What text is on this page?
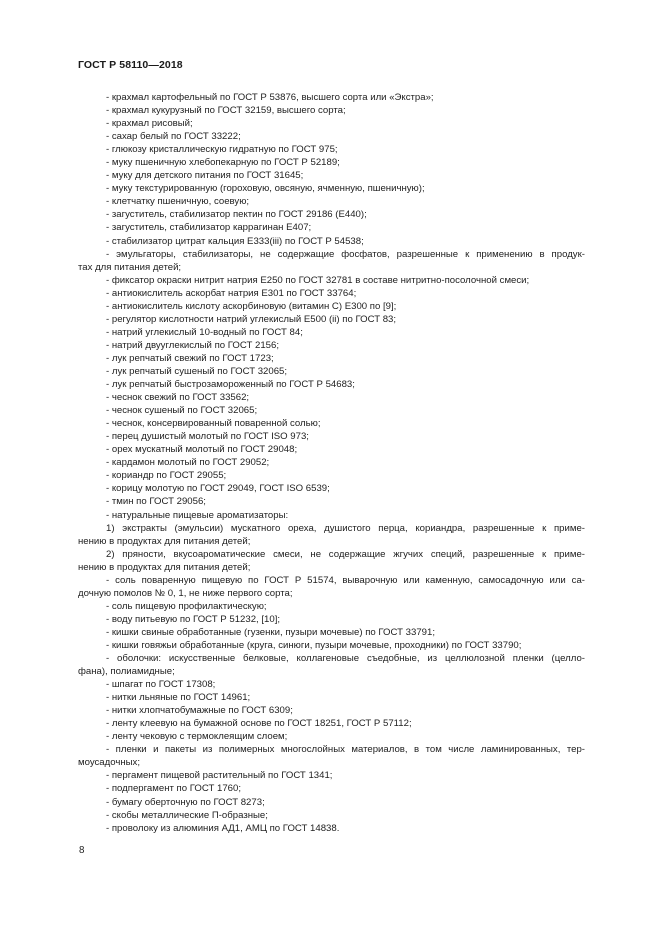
ГОСТ Р 58110—2018
- крахмал картофельный по ГОСТ Р 53876, высшего сорта или «Экстра»;
- крахмал кукурузный по ГОСТ 32159, высшего сорта;
- крахмал рисовый;
- сахар белый по ГОСТ 33222;
- глюкозу кристаллическую гидратную по ГОСТ 975;
- муку пшеничную хлебопекарную по ГОСТ Р 52189;
- муку для детского питания по ГОСТ 31645;
- муку текстурированную (гороховую, овсяную, ячменную, пшеничную);
- клетчатку пшеничную, соевую;
- загуститель, стабилизатор пектин по ГОСТ 29186 (Е440);
- загуститель, стабилизатор каррагинан Е407;
- стабилизатор цитрат кальция Е333(iii) по ГОСТ Р 54538;
- эмульгаторы, стабилизаторы, не содержащие фосфатов, разрешенные к применению в продук-
тах для питания детей;
- фиксатор окраски нитрит натрия Е250 по ГОСТ 32781 в составе нитритно-посолочной смеси;
- антиокислитель аскорбат натрия Е301 по ГОСТ 33764;
- антиокислитель кислоту аскорбиновую (витамин С) Е300 по [9];
- регулятор кислотности натрий углекислый Е500 (ii) по ГОСТ 83;
- натрий углекислый 10-водный по ГОСТ 84;
- натрий двууглекислый по ГОСТ 2156;
- лук репчатый свежий по ГОСТ 1723;
- лук репчатый сушеный по ГОСТ 32065;
- лук репчатый быстрозамороженный по ГОСТ Р 54683;
- чеснок свежий по ГОСТ 33562;
- чеснок сушеный по ГОСТ 32065;
- чеснок, консервированный поваренной солью;
- перец душистый молотый по ГОСТ ISO 973;
- орех мускатный молотый по ГОСТ 29048;
- кардамон молотый по ГОСТ 29052;
- кориандр по ГОСТ 29055;
- корицу молотую по ГОСТ 29049, ГОСТ ISO 6539;
- тмин по ГОСТ 29056;
- натуральные пищевые ароматизаторы:
1) экстракты (эмульсии) мускатного ореха, душистого перца, кориандра, разрешенные к приме-
нению в продуктах для питания детей;
2) пряности, вкусоароматические смеси, не содержащие жгучих специй, разрешенные к приме-
нению в продуктах для питания детей;
- соль поваренную пищевую по ГОСТ Р 51574, выварочную или каменную, самосадочную или са-
дочную помолов № 0, 1, не ниже первого сорта;
- соль пищевую профилактическую;
- воду питьевую по ГОСТ Р 51232, [10];
- кишки свиные обработанные (гузенки, пузыри мочевые) по ГОСТ 33791;
- кишки говяжьи обработанные (круга, синюги, пузыри мочевые, проходники) по ГОСТ 33790;
- оболочки: искусственные белковые, коллагеновые съедобные, из целлюлозной пленки (целло-
фана), полиамидные;
- шпагат по ГОСТ 17308;
- нитки льняные по ГОСТ 14961;
- нитки хлопчатобумажные по ГОСТ 6309;
- ленту клеевую на бумажной основе по ГОСТ 18251, ГОСТ Р 57112;
- ленту чековую с термоклеящим слоем;
- пленки и пакеты из полимерных многослойных материалов, в том числе ламинированных, тер-
моусадочных;
- пергамент пищевой растительный по ГОСТ 1341;
- подпергамент по ГОСТ 1760;
- бумагу оберточную по ГОСТ 8273;
- скобы металлические П-образные;
- проволоку из алюминия АД1, АМЦ по ГОСТ 14838.
8
